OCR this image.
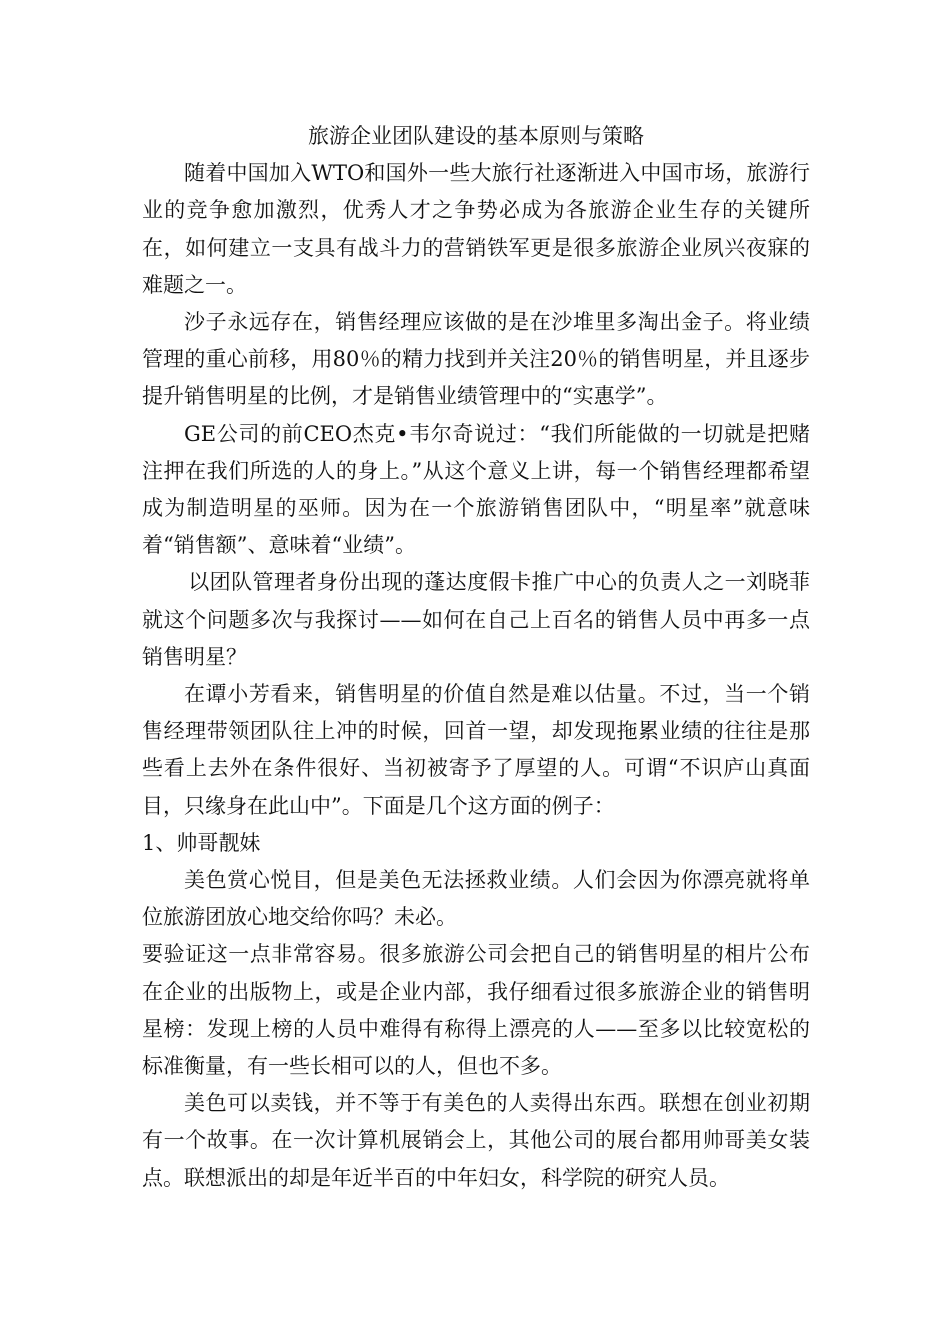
旅游企业团队建设的基本原则与策略

随着中国加入WTO和国外一些大旅行社逐渐进入中国市场，旅游行业的竞争愈加激烈，优秀人才之争势必成为各旅游企业生存的关键所在，如何建立一支具有战斗力的营销铁军更是很多旅游企业夙兴夜寐的难题之一。

沙子永远存在，销售经理应该做的是在沙堆里多淘出金子。将业绩管理的重心前移，用80％的精力找到并关注20％的销售明星，并且逐步提升销售明星的比例，才是销售业绩管理中的“实惠学”。

GE公司的前CEO杰克•韦尔奇说过：“我们所能做的一切就是把赌注押在我们所选的人的身上。”从这个意义上讲，每一个销售经理都希望成为制造明星的巫师。因为在一个旅游销售团队中，“明星率”就意味着“销售额”、意味着“业绩”。

以团队管理者身份出现的蓬达度假卡推广中心的负责人之一刘晓菲就这个问题多次与我探讨——如何在自己上百名的销售人员中再多一点销售明星？

在谭小芳看来，销售明星的价值自然是难以估量。不过，当一个销售经理带领团队往上冲的时候，回首一望，却发现拖累业绩的往往是那些看上去外在条件很好、当初被寄予了厚望的人。可谓“不识庐山真面目，只缘身在此山中”。下面是几个这方面的例子：

1、帅哥靓妹

美色赏心悦目，但是美色无法拯救业绩。人们会因为你漂亮就将单位旅游团放心地交给你吗？未必。

要验证这一点非常容易。很多旅游公司会把自己的销售明星的相片公布在企业的出版物上，或是企业内部，我仔细看过很多旅游企业的销售明星榜：发现上榜的人员中难得有称得上漂亮的人——至多以比较宽松的标准衡量，有一些长相可以的人，但也不多。

美色可以卖钱，并不等于有美色的人卖得出东西。联想在创业初期有一个故事。在一次计算机展销会上，其他公司的展台都用帅哥美女装点。联想派出的却是年近半百的中年妇女，科学院的研究人员。
